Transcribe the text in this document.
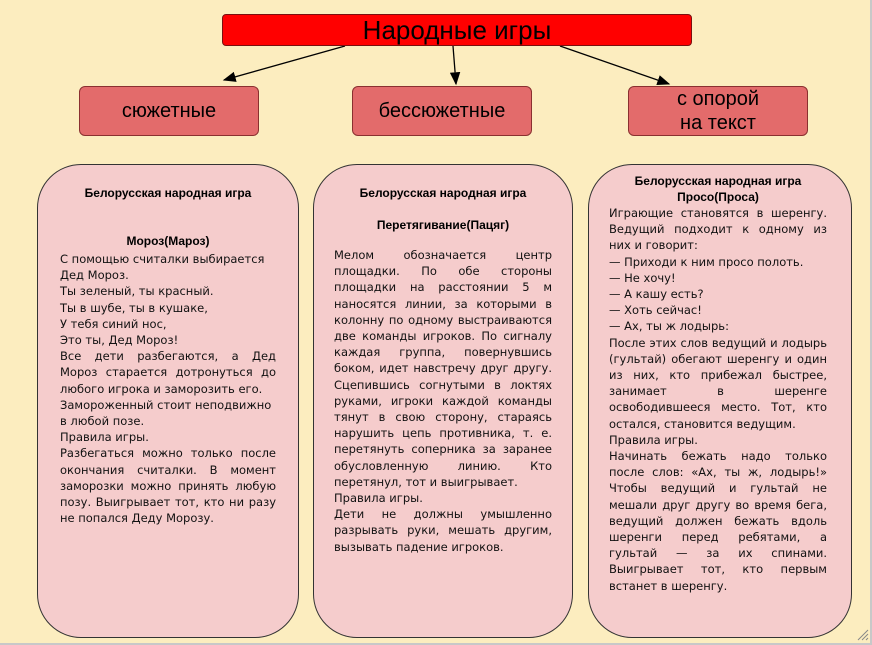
Народные игры
сюжетные	бессюжетные
с опорой
на текст
Белорусская народная игра
Мороз(Мароз)

С помощью считалки выбирается Дед Мороз.

Ты зеленый, ты красный.

Ты в шубе, ты в кушаке,

У тебя синий нос,

Это ты, Дед Мороз!

Все дети разбегаются, а Дед Мороз старается дотронуться до любого игрока и заморозить его.

Замороженный стоит неподвижно в любой позе.

Правила игры.

Разбегаться можно только после окончания считалки. В момент заморозки можно принять любую позу. Выигрывает тот, кто ни разу не попался Деду Морозу.

Белорусская народная игра
Перетягивание(Пацяг)

Мелом обозначается центр площадки. По обе стороны площадки на расстоянии 5 м наносятся линии, за которыми в колонну по одному выстраиваются две команды игроков. По сигналу каждая группа, повернувшись боком, идет навстречу друг другу. Сцепившись согнутыми в локтях руками, игроки каждой команды тянут в свою сторону, стараясь нарушить цепь противника, т. е. перетянуть соперника за заранее обусловленную линию. Кто перетянул, тот и выигрывает.

Правила игры.

Дети не должны умышленно разрывать руки, мешать другим, вызывать падение игроков.

Белорусская народная игра
Просо(Проса)

Играющие становятся в шеренгу. Ведущий подходит к одному из них и говорит:

— Приходи к ним просо полоть.

— Не хочу!

— А кашу есть?

— Хоть сейчас!

— Ах, ты ж лодырь:

После этих слов ведущий и лодырь (гультай) обегают шеренгу и один из них, кто прибежал быстрее, занимает в шеренге освободившееся место. Тот, кто остался, становится ведущим.

Правила игры.

Начинать бежать надо только после слов: «Ах, ты ж, лодырь!» Чтобы ведущий и гультай не мешали друг другу во время бега, ведущий должен бежать вдоль шеренги перед ребятами, а гультай — за их спинами. Выигрывает тот, кто первым встанет в шеренгу.
